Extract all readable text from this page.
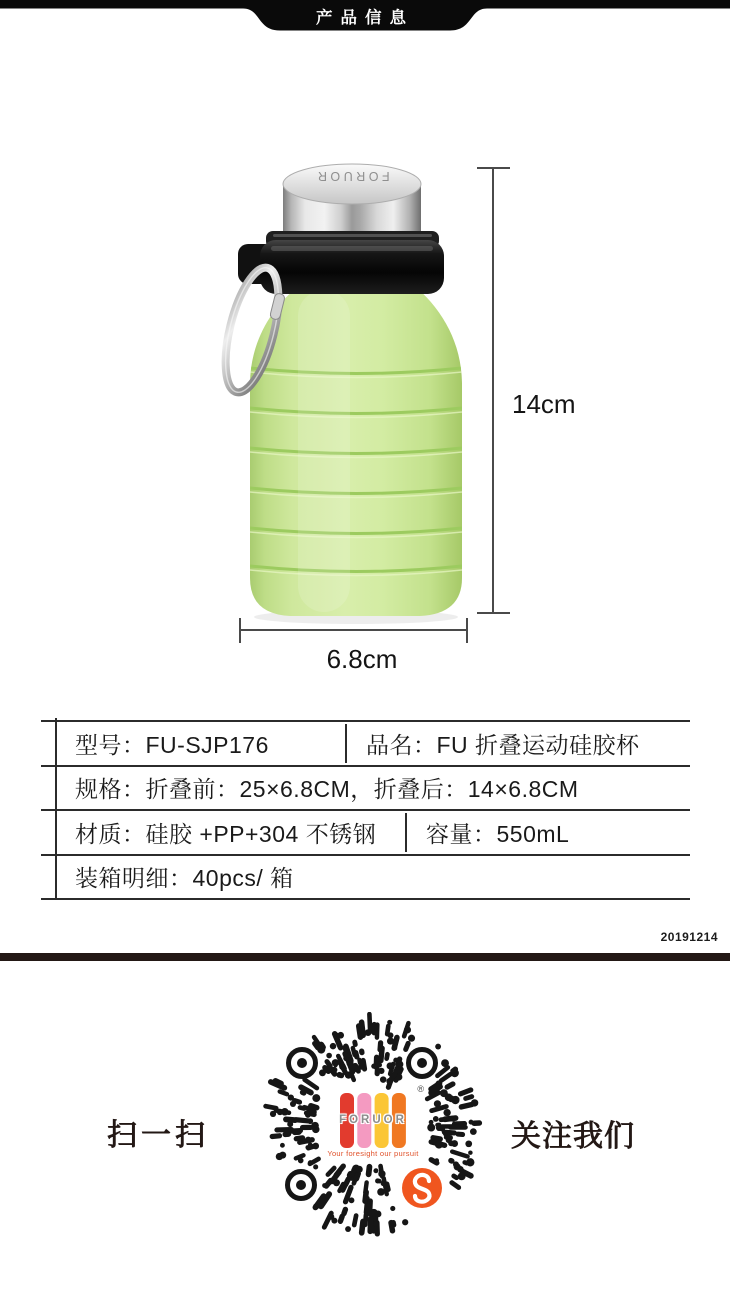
产品信息
FORUOR
14cm
6.8cm
型号：FU-SJP176	品名：FU 折叠运动硅胶杯
规格：折叠前：25×6.8CM，折叠后：14×6.8CM
材质：硅胶 +PP+304 不锈钢	容量：550mL
装箱明细：40pcs/ 箱
20191214
扫一扫	关注我们
®
FORUOR
Your foresight our pursuit
